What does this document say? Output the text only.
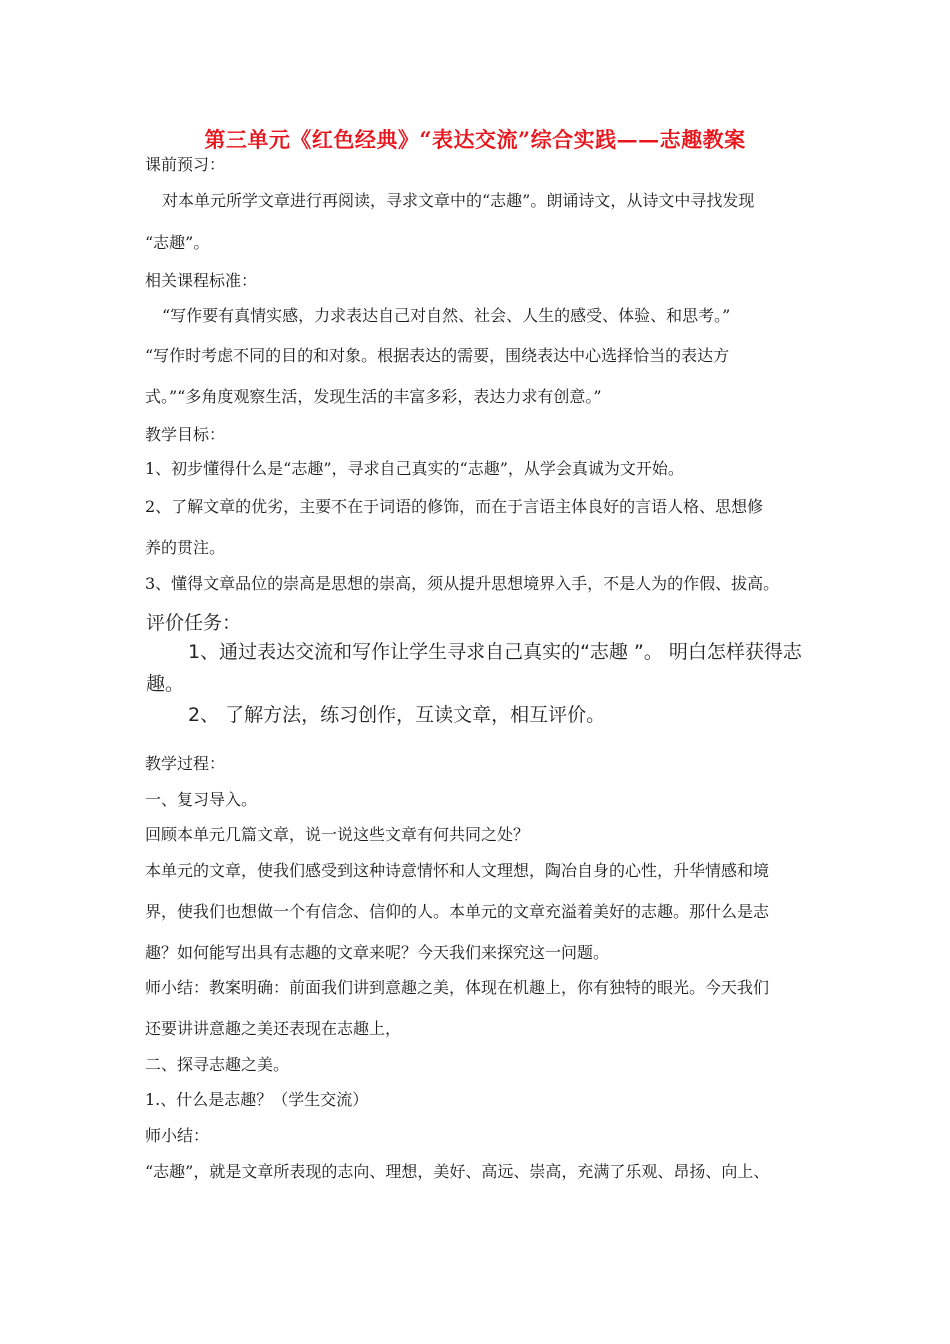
第三单元《红色经典》“表达交流”综合实践——志趣教案
课前预习：
对本单元所学文章进行再阅读，寻求文章中的“志趣”。朗诵诗文，从诗文中寻找发现
“志趣”。
相关课程标准：
“写作要有真情实感，力求表达自己对自然、社会、人生的感受、体验、和思考。”
“写作时考虑不同的目的和对象。根据表达的需要，围绕表达中心选择恰当的表达方
式。”“多角度观察生活，发现生活的丰富多彩，表达力求有创意。”
教学目标：
1、初步懂得什么是“志趣”，寻求自己真实的“志趣”，从学会真诚为文开始。
2、了解文章的优劣，主要不在于词语的修饰，而在于言语主体良好的言语人格、思想修
养的贯注。
3、懂得文章品位的崇高是思想的崇高，须从提升思想境界入手，不是人为的作假、拔高。
评价任务：
1、通过表达交流和写作让学生寻求自己真实的“志趣 ”。 明白怎样获得志
趣。
2、 了解方法，练习创作，互读文章，相互评价。
教学过程：
一、复习导入。
回顾本单元几篇文章，说一说这些文章有何共同之处？
本单元的文章，使我们感受到这种诗意情怀和人文理想，陶冶自身的心性，升华情感和境
界，使我们也想做一个有信念、信仰的人。本单元的文章充溢着美好的志趣。那什么是志
趣？如何能写出具有志趣的文章来呢？今天我们来探究这一问题。
师小结：教案明确：前面我们讲到意趣之美，体现在机趣上，你有独特的眼光。今天我们
还要讲讲意趣之美还表现在志趣上，
二、探寻志趣之美。
1.、什么是志趣？（学生交流）
师小结：
“志趣”，就是文章所表现的志向、理想，美好、高远、崇高，充满了乐观、昂扬、向上、
